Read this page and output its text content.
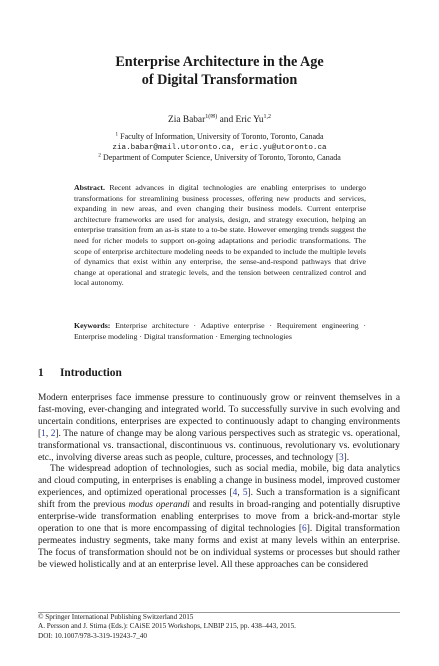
Enterprise Architecture in the Age
of Digital Transformation
Zia Babar$^{1(✉)}$ and Eric Yu$^{1,2}$
$^1$ Faculty of Information, University of Toronto, Toronto, Canada
zia.babar@mail.utoronto.ca, eric.yu@utoronto.ca
$^2$ Department of Computer Science, University of Toronto, Toronto, Canada
Abstract. Recent advances in digital technologies are enabling enterprises to undergo transformations for streamlining business processes, offering new products and services, expanding in new areas, and even changing their business models. Current enterprise architecture frameworks are used for analysis, design, and strategy execution, helping an enterprise transition from an as-is state to a to-be state. However emerging trends suggest the need for richer models to support on-going adaptations and periodic transformations. The scope of enterprise architecture modeling needs to be expanded to include the multiple levels of dynamics that exist within any enterprise, the sense-and-respond pathways that drive change at operational and strategic levels, and the tension between centralized control and local autonomy.
Keywords: Enterprise architecture · Adaptive enterprise · Requirement engineering · Enterprise modeling · Digital transformation · Emerging technologies
1 Introduction

Modern enterprises face immense pressure to continuously grow or reinvent themselves in a fast-moving, ever-changing and integrated world. To successfully survive in such evolving and uncertain conditions, enterprises are expected to continuously adapt to changing environments [1, 2]. The nature of change may be along various perspectives such as strategic vs. operational, transformational vs. transactional, discontinuous vs. continuous, revolutionary vs. evolutionary etc., involving diverse areas such as people, culture, processes, and technology [3].

The widespread adoption of technologies, such as social media, mobile, big data analytics and cloud computing, in enterprises is enabling a change in business model, improved customer experiences, and optimized operational processes [4, 5]. Such a transformation is a significant shift from the previous modus operandi and results in broad-ranging and potentially disruptive enterprise-wide transformation enabling enterprises to move from a brick-and-mortar style operation to one that is more encompassing of digital technologies [6]. Digital transformation permeates industry segments, take many forms and exist at many levels within an enterprise. The focus of transformation should not be on individual systems or processes but should rather be viewed holistically and at an enterprise level. All these approaches can be considered

© Springer International Publishing Switzerland 2015
A. Persson and J. Stirna (Eds.): CAiSE 2015 Workshops, LNBIP 215, pp. 438–443, 2015.
DOI: 10.1007/978-3-319-19243-7_40
